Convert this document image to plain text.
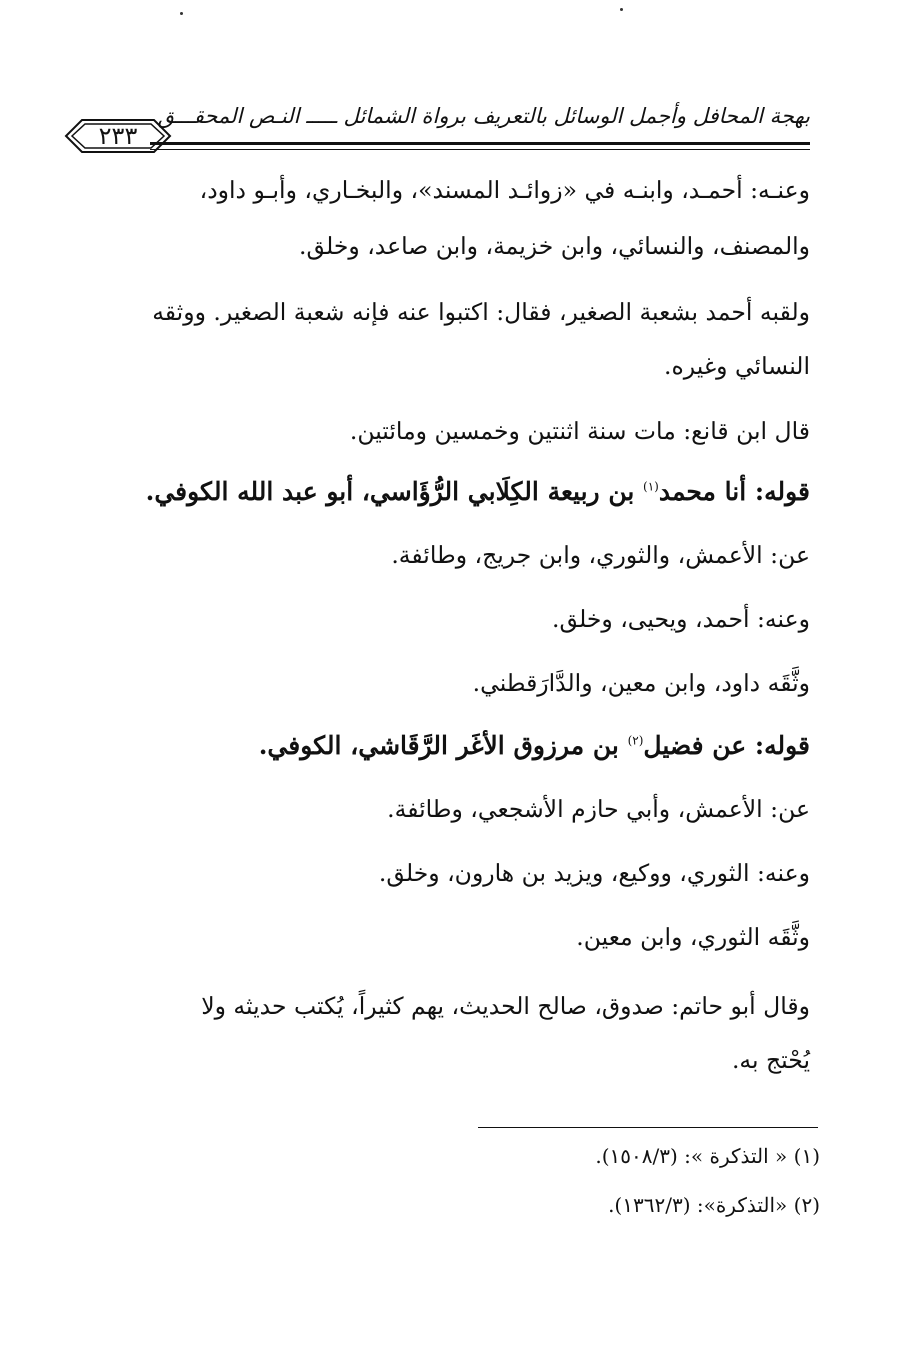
بهجة المحافل وأجمل الوسائل بالتعريف برواة الشمائل ـــــ النـص المحقـــق
٢٣٣
وعنـه: أحمـد، وابنـه في «زوائـد المسند»، والبخـاري، وأبـو داود،
والمصنف، والنسائي، وابن خزيمة، وابن صاعد، وخلق.
ولقبه أحمد بشعبة الصغير، فقال: اكتبوا عنه فإنه شعبة الصغير. ووثقه
النسائي وغيره.
قال ابن قانع: مات سنة اثنتين وخمسين ومائتين.
قوله: أنا محمد$^{(١)}$ بن ربيعة الكِلَابي الرُّؤَاسي، أبو عبد الله الكوفي.
عن: الأعمش، والثوري، وابن جريج، وطائفة.
وعنه: أحمد، ويحيى، وخلق.
وثَّقَه داود، وابن معين، والدَّارَقطني.
قوله: عن فضيل$^{(٢)}$ بن مرزوق الأغَر الرَّقَاشي، الكوفي.
عن: الأعمش، وأبي حازم الأشجعي، وطائفة.
وعنه: الثوري، ووكيع، ويزيد بن هارون، وخلق.
وثَّقَه الثوري، وابن معين.
وقال أبو حاتم: صدوق، صالح الحديث، يهم كثيراً، يُكتب حديثه ولا
يُحْتج به.
(١) « التذكرة »: (١٥٠٨/٣).
(٢) «التذكرة»: (١٣٦٢/٣).
